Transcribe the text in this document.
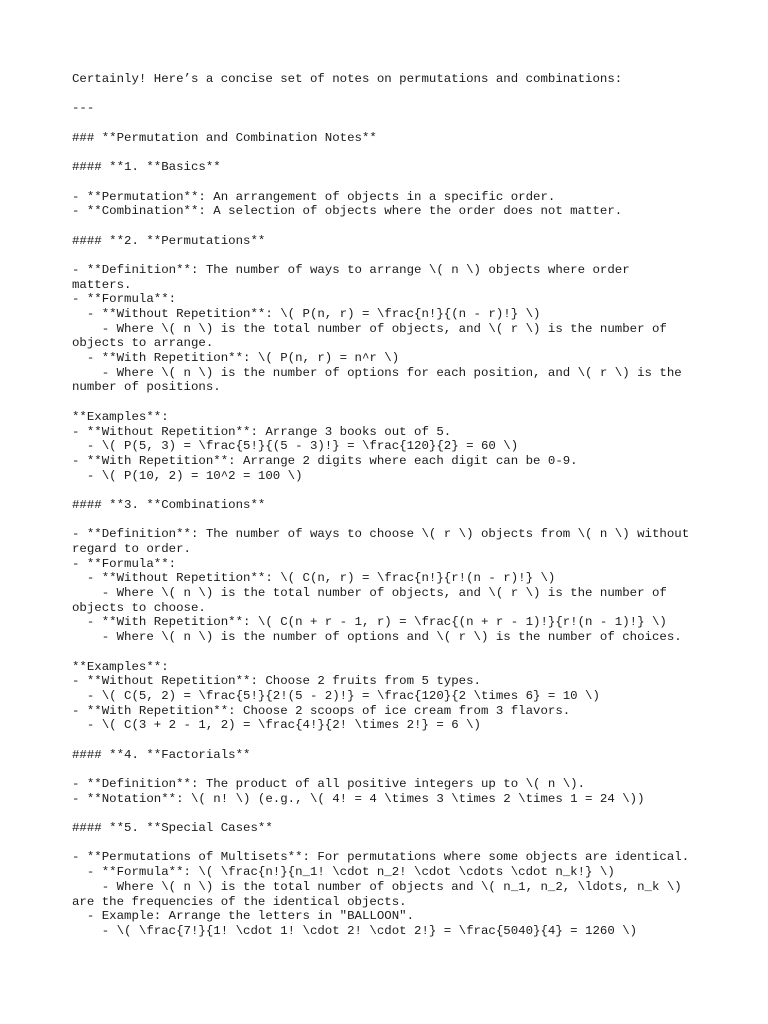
Certainly! Here’s a concise set of notes on permutations and combinations:
---
### **Permutation and Combination Notes**
#### **1. **Basics**
- **Permutation**: An arrangement of objects in a specific order.
- **Combination**: A selection of objects where the order does not matter.
#### **2. **Permutations**
- **Definition**: The number of ways to arrange \( n \) objects where order
matters.
- **Formula**:
- **Without Repetition**: \( P(n, r) = \frac{n!}{(n - r)!} \)
- Where \( n \) is the total number of objects, and \( r \) is the number of
objects to arrange.
- **With Repetition**: \( P(n, r) = n^r \)
- Where \( n \) is the number of options for each position, and \( r \) is the
number of positions.
**Examples**:
- **Without Repetition**: Arrange 3 books out of 5.
- \( P(5, 3) = \frac{5!}{(5 - 3)!} = \frac{120}{2} = 60 \)
- **With Repetition**: Arrange 2 digits where each digit can be 0-9.
- \( P(10, 2) = 10^2 = 100 \)
#### **3. **Combinations**
- **Definition**: The number of ways to choose \( r \) objects from \( n \) without
regard to order.
- **Formula**:
- **Without Repetition**: \( C(n, r) = \frac{n!}{r!(n - r)!} \)
- Where \( n \) is the total number of objects, and \( r \) is the number of
objects to choose.
- **With Repetition**: \( C(n + r - 1, r) = \frac{(n + r - 1)!}{r!(n - 1)!} \)
- Where \( n \) is the number of options and \( r \) is the number of choices.
**Examples**:
- **Without Repetition**: Choose 2 fruits from 5 types.
- \( C(5, 2) = \frac{5!}{2!(5 - 2)!} = \frac{120}{2 \times 6} = 10 \)
- **With Repetition**: Choose 2 scoops of ice cream from 3 flavors.
- \( C(3 + 2 - 1, 2) = \frac{4!}{2! \times 2!} = 6 \)
#### **4. **Factorials**
- **Definition**: The product of all positive integers up to \( n \).
- **Notation**: \( n! \) (e.g., \( 4! = 4 \times 3 \times 2 \times 1 = 24 \))
#### **5. **Special Cases**
- **Permutations of Multisets**: For permutations where some objects are identical.
- **Formula**: \( \frac{n!}{n_1! \cdot n_2! \cdot \cdots \cdot n_k!} \)
- Where \( n \) is the total number of objects and \( n_1, n_2, \ldots, n_k \)
are the frequencies of the identical objects.
- Example: Arrange the letters in "BALLOON".
- \( \frac{7!}{1! \cdot 1! \cdot 2! \cdot 2!} = \frac{5040}{4} = 1260 \)
